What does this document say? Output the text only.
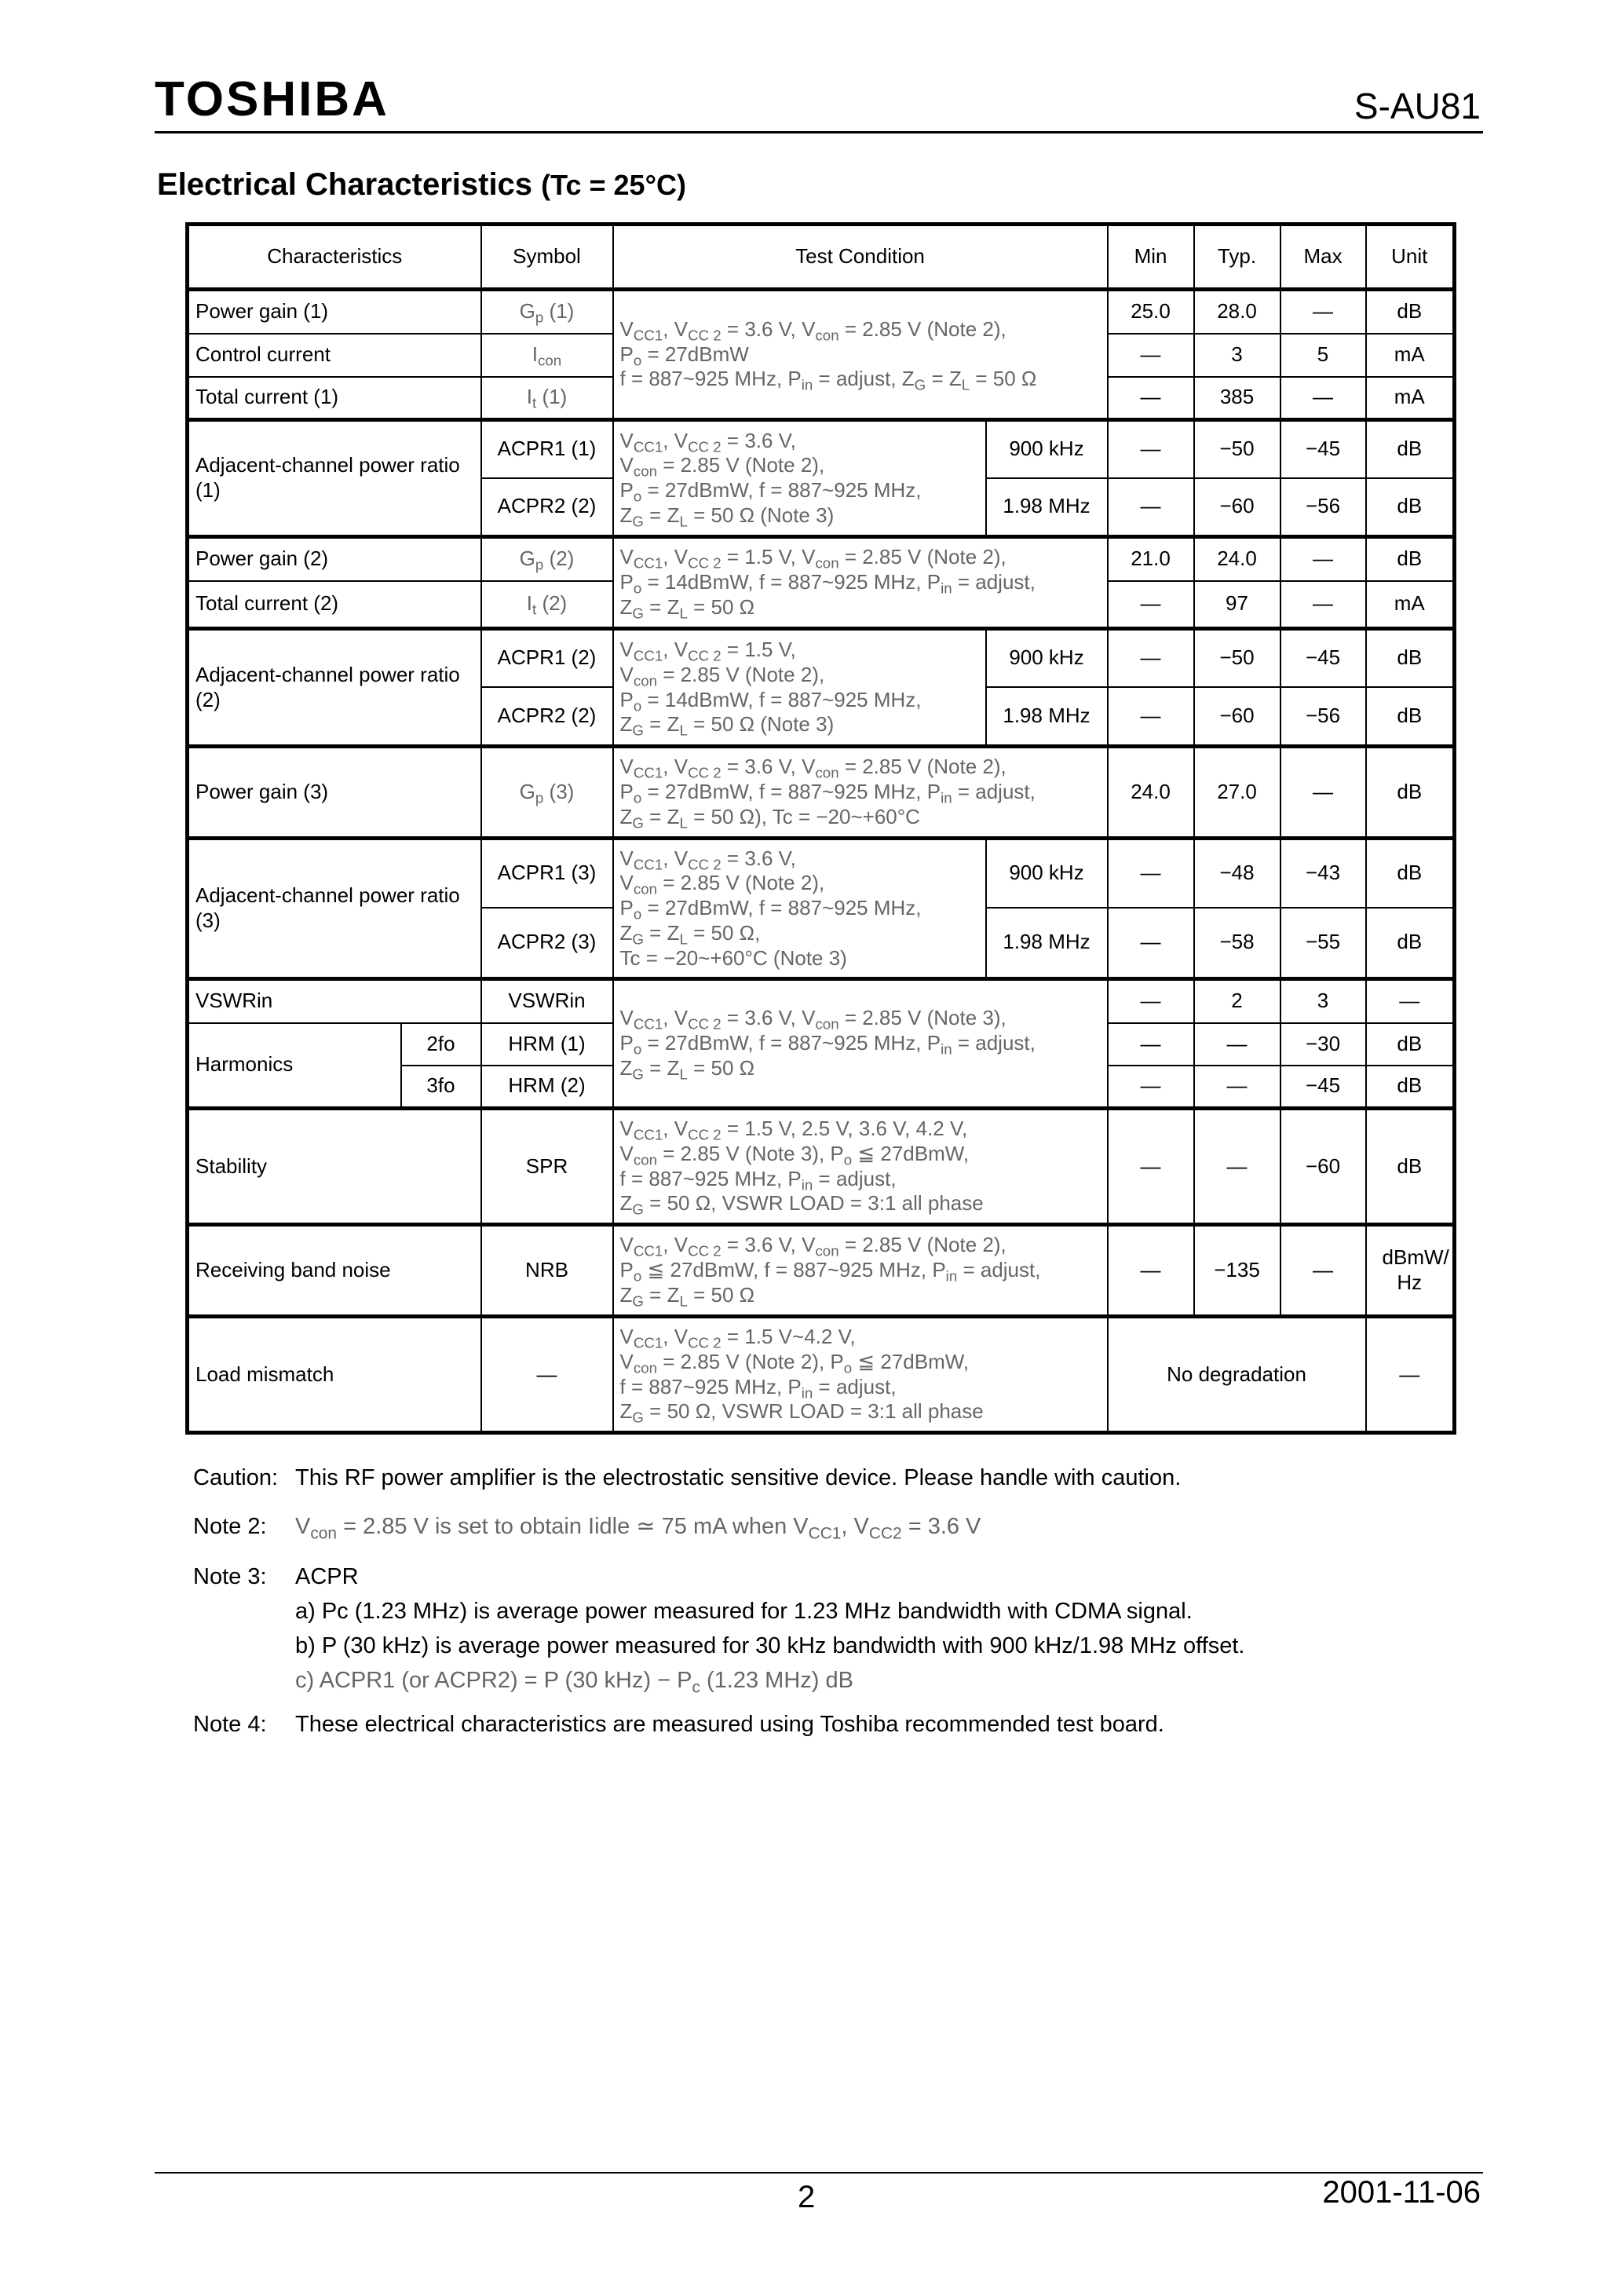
TOSHIBA	S-AU81
Electrical Characteristics (Tc = 25°C)
Characteristics		Symbol	Test Condition		Min	Typ.	Max	Unit
Power gain (1)		$G_p$ (1)	$V_{CC1}$, $V_{CC 2} = 3.6$ V, $V_{con} = 2.85$ V (Note 2),
$P_o$ = 27dBmW
f = 887~925 MHz, $P_{in}$ = adjust, $Z_G = Z_L = 50$ Ω		25.0	28.0	—	dB
Control current		$I_{con}$			—	3	5	mA
Total current (1)		$I_t$ (1)			—	385	—	mA
Adjacent-channel power ratio (1)		ACPR1 (1)	$V_{CC1}$, $V_{CC 2} = 3.6$ V,
$V_{con} = 2.85$ V (Note 2),
$P_o$ = 27dBmW, f = 887~925 MHz,
$Z_G = Z_L = 50$ Ω (Note 3)	900 kHz	—	−50	−45	dB
		ACPR2 (2)		1.98 MHz	—	−60	−56	dB
Power gain (2)		$G_p$ (2)	$V_{CC1}$, $V_{CC 2} = 1.5$ V, $V_{con} = 2.85$ V (Note 2),
$P_o$ = 14dBmW, f = 887~925 MHz, $P_{in}$ = adjust,
$Z_G = Z_L = 50$ Ω		21.0	24.0	—	dB
Total current (2)		$I_t$ (2)			—	97	—	mA
Adjacent-channel power ratio (2)		ACPR1 (2)	$V_{CC1}$, $V_{CC 2} = 1.5$ V,
$V_{con} = 2.85$ V (Note 2),
$P_o$ = 14dBmW, f = 887~925 MHz,
$Z_G = Z_L = 50$ Ω (Note 3)	900 kHz	—	−50	−45	dB
		ACPR2 (2)		1.98 MHz	—	−60	−56	dB
Power gain (3)		$G_p$ (3)	$V_{CC1}$, $V_{CC 2} = 3.6$ V, $V_{con} = 2.85$ V (Note 2),
$P_o$ = 27dBmW, f = 887~925 MHz, $P_{in}$ = adjust,
$Z_G = Z_L = 50$ Ω), Tc = −20~+60°C		24.0	27.0	—	dB
Adjacent-channel power ratio (3)		ACPR1 (3)	$V_{CC1}$, $V_{CC 2} = 3.6$ V,
$V_{con} = 2.85$ V (Note 2),
$P_o$ = 27dBmW, f = 887~925 MHz,
$Z_G = Z_L = 50$ Ω,
Tc = −20~+60°C (Note 3)	900 kHz	—	−48	−43	dB
		ACPR2 (3)		1.98 MHz	—	−58	−55	dB
VSWRin		VSWRin	$V_{CC1}$, $V_{CC 2} = 3.6$ V, $V_{con} = 2.85$ V (Note 3),
$P_o$ = 27dBmW, f = 887~925 MHz, $P_{in}$ = adjust,
$Z_G = Z_L = 50$ Ω		—	2	3	—
Harmonics	2fo	HRM (1)			—	—	−30	dB
	3fo	HRM (2)			—	—	−45	dB
Stability		SPR	$V_{CC1}$, $V_{CC 2} = 1.5$ V, 2.5 V, 3.6 V, 4.2 V,
$V_{con} = 2.85$ V (Note 3), $P_o$ ≦ 27dBmW,
f = 887~925 MHz, $P_{in}$ = adjust,
$Z_G = 50$ Ω, VSWR LOAD = 3:1 all phase		—	—	−60	dB
Receiving band noise		NRB	$V_{CC1}$, $V_{CC 2} = 3.6$ V, $V_{con} = 2.85$ V (Note 2),
$P_o$ ≦ 27dBmW, f = 887~925 MHz, $P_{in}$ = adjust,
$Z_G = Z_L = 50$ Ω		—	−135	—	dBmW/ Hz
Load mismatch		—	$V_{CC1}$, $V_{CC 2} = 1.5$ V~4.2 V,
$V_{con} = 2.85$ V (Note 2), $P_o$ ≦ 27dBmW,
f = 887~925 MHz, $P_{in}$ = adjust,
$Z_G = 50$ Ω, VSWR LOAD = 3:1 all phase		No degradation			—
Caution: This RF power amplifier is the electrostatic sensitive device. Please handle with caution.
Note 2: $V_{con} = 2.85$ V is set to obtain Iidle ≃ 75 mA when $V_{CC1}$, $V_{CC2} = 3.6$ V
Note 3: ACPR
a) Pc (1.23 MHz) is average power measured for 1.23 MHz bandwidth with CDMA signal.
b) P (30 kHz) is average power measured for 30 kHz bandwidth with 900 kHz/1.98 MHz offset.
c) ACPR1 (or ACPR2) = P (30 $kHz) - P_c$ (1.23 MHz) dB
Note 4: These electrical characteristics are measured using Toshiba recommended test board.
2	2001-11-06
